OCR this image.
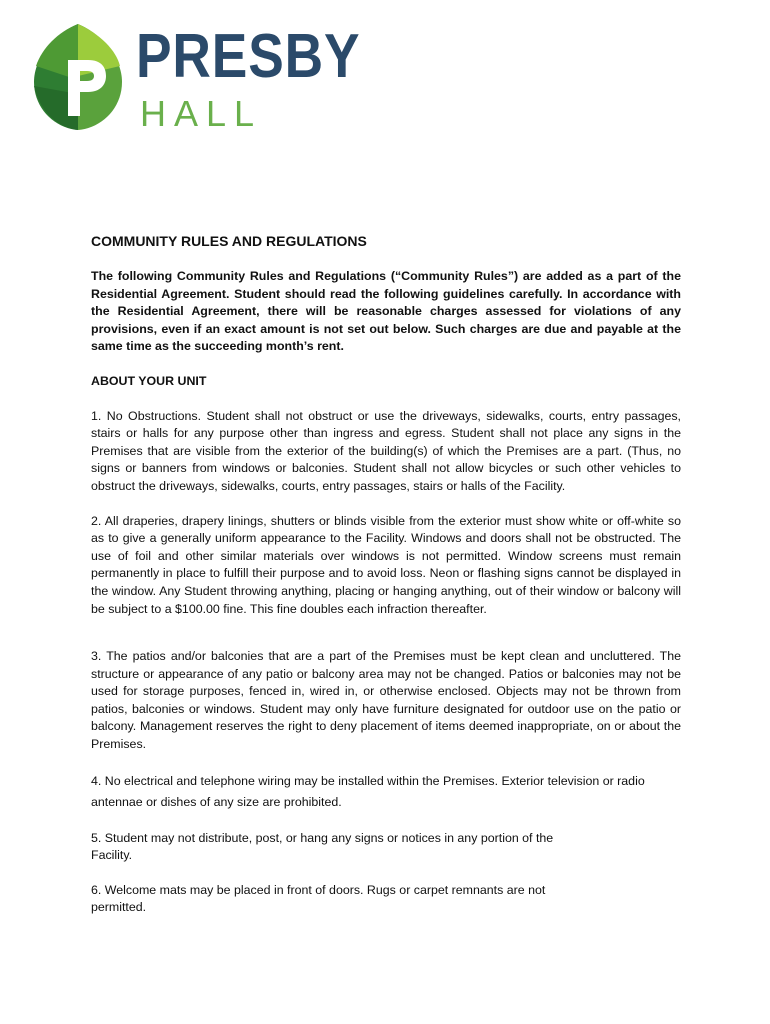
PRESBY
HALL
COMMUNITY RULES AND REGULATIONS

The following Community Rules and Regulations (“Community Rules”) are added as a part of the Residential Agreement. Student should read the following guidelines carefully. In accordance with the Residential Agreement, there will be reasonable charges assessed for violations of any provisions, even if an exact amount is not set out below. Such charges are due and payable at the same time as the succeeding month’s rent.

ABOUT YOUR UNIT

1. No Obstructions. Student shall not obstruct or use the driveways, sidewalks, courts, entry passages, stairs or halls for any purpose other than ingress and egress. Student shall not place any signs in the Premises that are visible from the exterior of the building(s) of which the Premises are a part. (Thus, no signs or banners from windows or balconies. Student shall not allow bicycles or such other vehicles to obstruct the driveways, sidewalks, courts, entry passages, stairs or halls of the Facility.

2. All draperies, drapery linings, shutters or blinds visible from the exterior must show white or off-white so as to give a generally uniform appearance to the Facility. Windows and doors shall not be obstructed. The use of foil and other similar materials over windows is not permitted. Window screens must remain permanently in place to fulfill their purpose and to avoid loss. Neon or flashing signs cannot be displayed in the window. Any Student throwing anything, placing or hanging anything, out of their window or balcony will be subject to a $100.00 fine. This fine doubles each infraction thereafter.

3. The patios and/or balconies that are a part of the Premises must be kept clean and uncluttered. The structure or appearance of any patio or balcony area may not be changed. Patios or balconies may not be used for storage purposes, fenced in, wired in, or otherwise enclosed. Objects may not be thrown from patios, balconies or windows. Student may only have furniture designated for outdoor use on the patio or balcony. Management reserves the right to deny placement of items deemed inappropriate, on or about the Premises.

4. No electrical and telephone wiring may be installed within the Premises. Exterior television or radio antennae or dishes of any size are prohibited.

5. Student may not distribute, post, or hang any signs or notices in any portion of the Facility.

6. Welcome mats may be placed in front of doors. Rugs or carpet remnants are not permitted.
